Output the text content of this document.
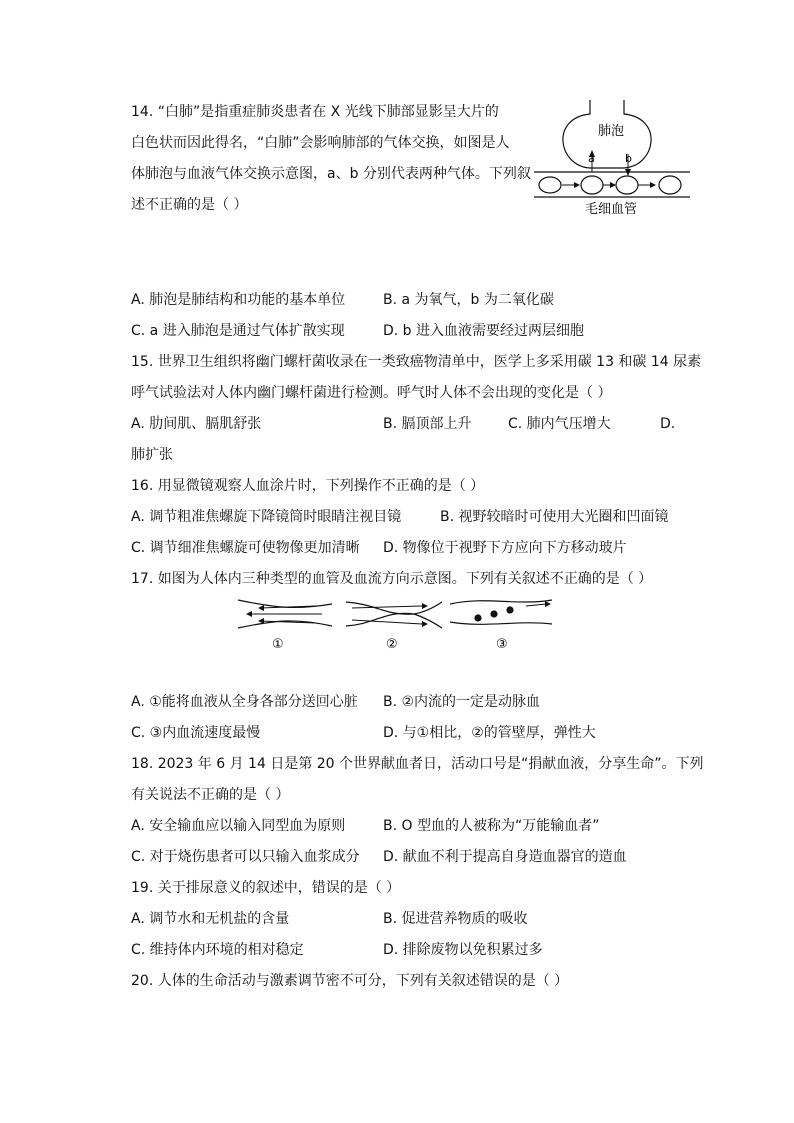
14. “白肺”是指重症肺炎患者在 X 光线下肺部显影呈大片的
白色状而因此得名，“白肺”会影响肺部的气体交换，如图是人
体肺泡与血液气体交换示意图，a、b 分别代表两种气体。下列叙
述不正确的是（ ）
肺泡
a	b
毛细血管
A. 肺泡是肺结构和功能的基本单位	B. a 为氧气，b 为二氧化碳
C. a 进入肺泡是通过气体扩散实现	D. b 进入血液需要经过两层细胞
15. 世界卫生组织将幽门螺杆菌收录在一类致癌物清单中，医学上多采用碳 13 和碳 14 尿素
呼气试验法对人体内幽门螺杆菌进行检测。呼气时人体不会出现的变化是（ ）
A. 肋间肌、膈肌舒张	B. 膈顶部上升	C. 肺内气压增大	D.
肺扩张
16. 用显微镜观察人血涂片时，下列操作不正确的是（ ）
A. 调节粗准焦螺旋下降镜筒时眼睛注视目镜	B. 视野较暗时可使用大光圈和凹面镜
C. 调节细准焦螺旋可使物像更加清晰 D. 物像位于视野下方应向下方移动玻片
17. 如图为人体内三种类型的血管及血流方向示意图。下列有关叙述不正确的是（ ）
①	②	③
A. ①能将血液从全身各部分送回心脏 B. ②内流的一定是动脉血
C. ③内血流速度最慢	D. 与①相比，②的管壁厚，弹性大
18. 2023 年 6 月 14 日是第 20 个世界献血者日，活动口号是“捐献血液，分享生命”。下列
有关说法不正确的是（ ）
A. 安全输血应以输入同型血为原则	B. O 型血的人被称为“万能输血者”
C. 对于烧伤患者可以只输入血浆成分 D. 献血不利于提高自身造血器官的造血
19. 关于排尿意义的叙述中，错误的是（ ）
A. 调节水和无机盐的含量	B. 促进营养物质的吸收
C. 维持体内环境的相对稳定	D. 排除废物以免积累过多
20. 人体的生命活动与激素调节密不可分，下列有关叙述错误的是（ ）
